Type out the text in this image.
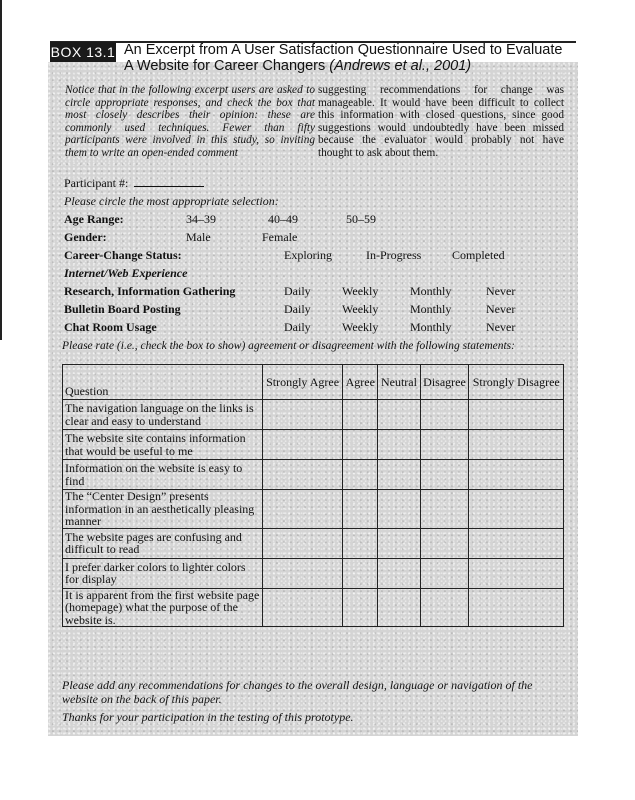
BOX 13.1 An Excerpt from A User Satisfaction Questionnaire Used to Evaluate A Website for Career Changers (Andrews et al., 2001)
Notice that in the following excerpt users are asked to circle appropriate responses, and check the box that most closely describes their opinion: these are commonly used techniques. Fewer than fifty participants were involved in this study, so inviting them to write an open-ended comment
suggesting recommendations for change was manageable. It would have been difficult to collect this information with closed questions, since good suggestions would undoubtedly have been missed because the evaluator would probably not have thought to ask about them.
Participant #:
Please circle the most appropriate selection:
Age Range:	34–39	40–49	50–59
Gender:	Male	Female
Career-Change Status:	Exploring	In-Progress	Completed
Internet/Web Experience
Research, Information Gathering	Daily	Weekly	Monthly	Never
Bulletin Board Posting	Daily	Weekly	Monthly	Never
Chat Room Usage	Daily	Weekly	Monthly	Never
Please rate (i.e., check the box to show) agreement or disagreement with the following statements:
Question	Strongly Agree	Agree	Neutral	Disagree	Strongly Disagree
The navigation language on the links is clear and easy to understand					
The website site contains information that would be useful to me					
Information on the website is easy to find					
The “Center Design” presents information in an aesthetically pleasing manner					
The website pages are confusing and difficult to read					
I prefer darker colors to lighter colors for display					
It is apparent from the first website page (homepage) what the purpose of the website is.					
Please add any recommendations for changes to the overall design, language or navigation of the website on the back of this paper.
Thanks for your participation in the testing of this prototype.
